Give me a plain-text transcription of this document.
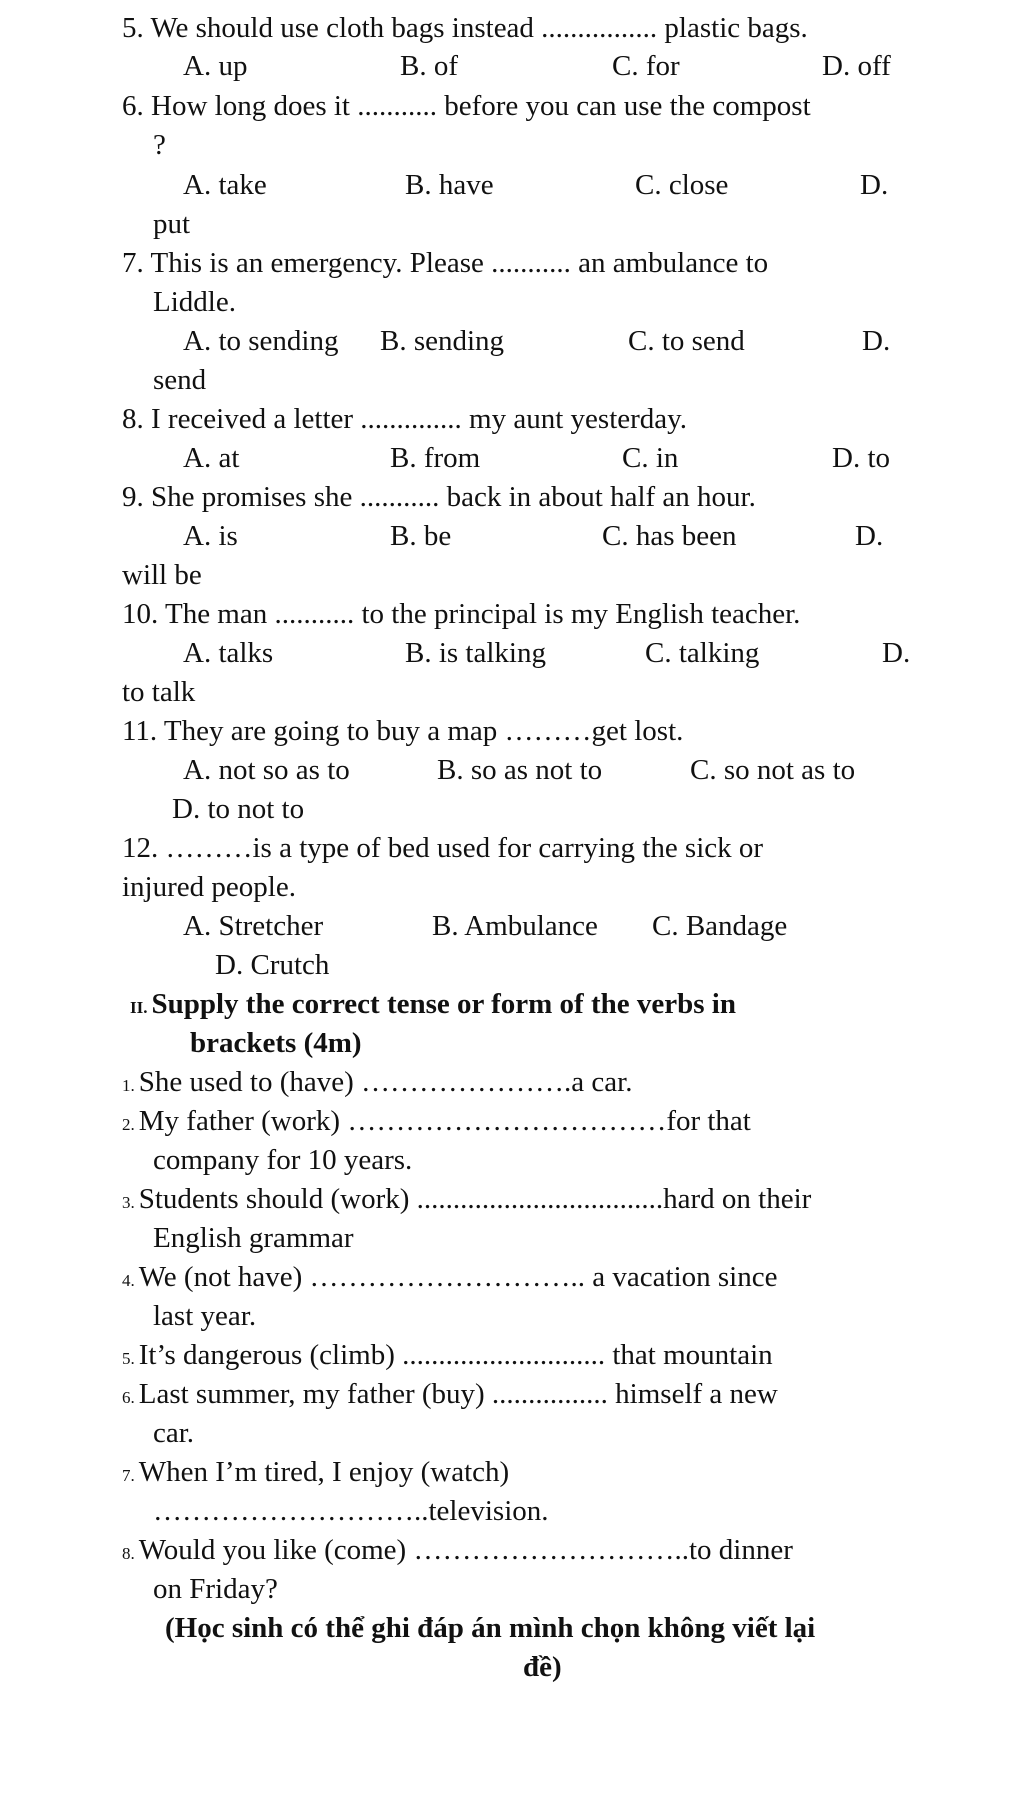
5. We should use cloth bags instead ................ plastic bags.
A. up	B. of	C. for	D. off
6. How long does it ........... before you can use the compost
?
A. take	B. have	C. close	D.
put
7. This is an emergency. Please ........... an ambulance to
Liddle.
A. to sending B. sending	C. to send	D.
send
8. I received a letter .............. my aunt yesterday.
A. at	B. from	C. in	D. to
9. She promises she ........... back in about half an hour.
A. is	B. be	C. has been	D.
will be
10. The man ........... to the principal is my English teacher.
A. talks	B. is talking	C. talking	D.
to talk
11. They are going to buy a map ………get lost.
A. not so as to	B. so as not to	C. so not as to
D. to not to
12. ………is a type of bed used for carrying the sick or
injured people.
A. Stretcher	B. Ambulance C. Bandage
D. Crutch
II. Supply the correct tense or form of the verbs in
brackets (4m)
1. She used to (have) ………………….a car.
2. My father (work) ……………………………for that
company for 10 years.
3. Students should (work) ..................................hard on their
English grammar
4. We (not have) ……………………….. a vacation since
last year.
5. It’s dangerous (climb) ............................ that mountain
6. Last summer, my father (buy) ................ himself a new
car.
7. When I’m tired, I enjoy (watch)
………………………..television.
8. Would you like (come) ………………………..to dinner
on Friday?
(Học sinh có thể ghi đáp án mình chọn không viết lại
đề)
